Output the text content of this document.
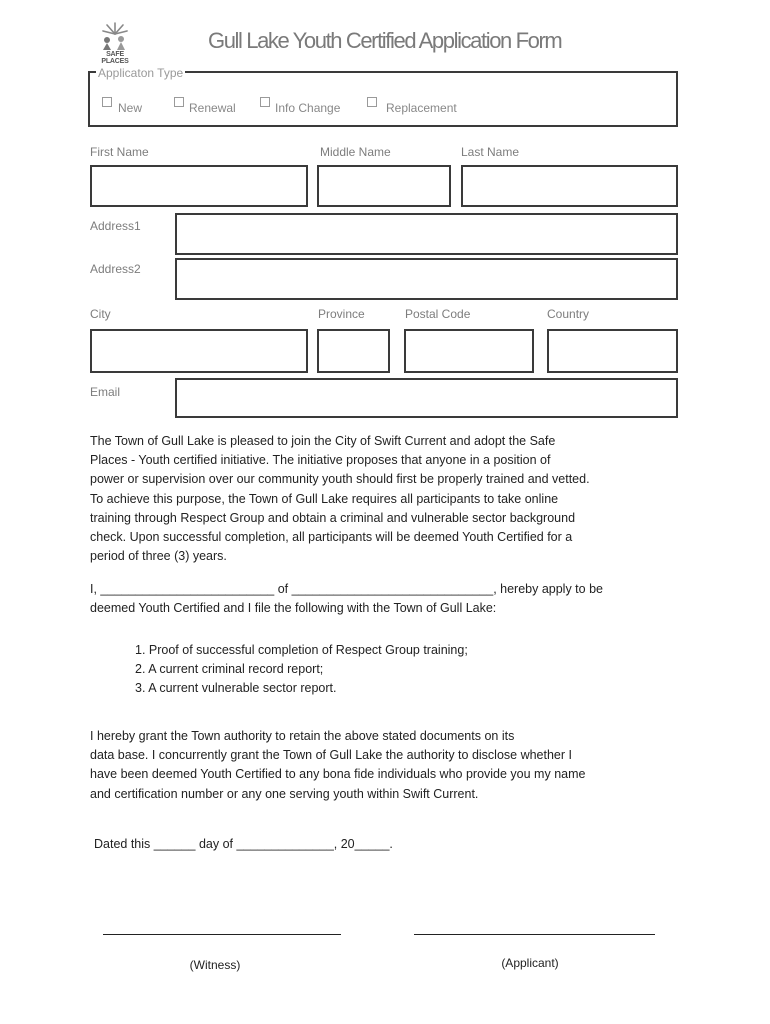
SAFE PLACES
Gull Lake Youth Certified Application Form
Applicaton Type
New	Renewal	Info Change	Replacement
First Name	Middle Name	Last Name
Address1
Address2
City	Province	Postal Code	Country
Email
The Town of Gull Lake is pleased to join the City of Swift Current and adopt the Safe
Places - Youth certified initiative. The initiative proposes that anyone in a position of
power or supervision over our community youth should first be properly trained and vetted.
To achieve this purpose, the Town of Gull Lake requires all participants to take online
training through Respect Group and obtain a criminal and vulnerable sector background
check. Upon successful completion, all participants will be deemed Youth Certified for a
period of three (3) years.
I, _________________________ of _____________________________, hereby apply to be
deemed Youth Certified and I file the following with the Town of Gull Lake:
1. Proof of successful completion of Respect Group training;
2. A current criminal record report;
3. A current vulnerable sector report.
I hereby grant the Town authority to retain the above stated documents on its
data base. I concurrently grant the Town of Gull Lake the authority to disclose whether I
have been deemed Youth Certified to any bona fide individuals who provide you my name
and certification number or any one serving youth within Swift Current.
Dated this ______ day of ______________, 20_____.
(Witness)	(Applicant)
